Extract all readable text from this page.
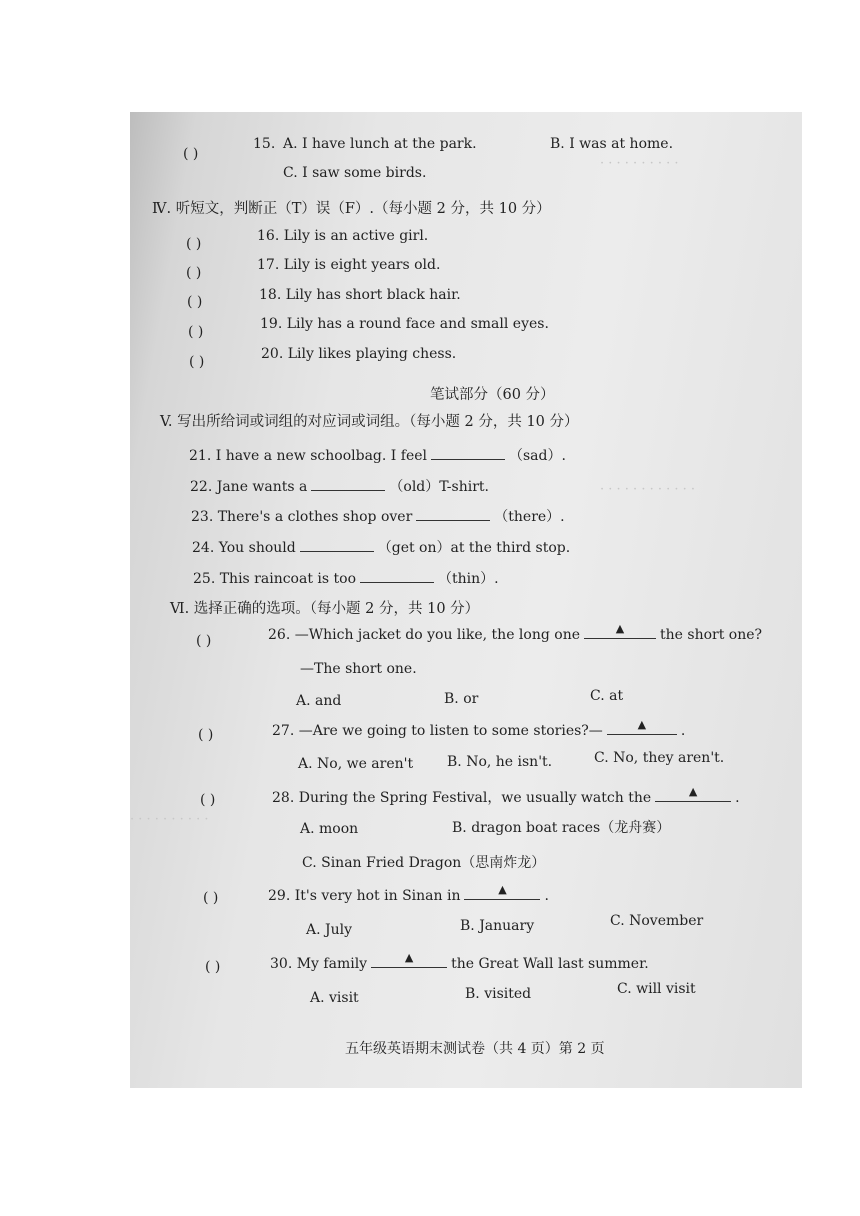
· · · · · · · · · ·
· · · · · · · · · · · ·
· · · · · · · · · ·
( )
15. A. I have lunch at the park.	B. I was at home.
C. I saw some birds.
Ⅳ. 听短文，判断正（T）误（F）.（每小题 2 分，共 10 分）
( )	16. Lily is an active girl.
( )	17. Lily is eight years old.
( )	18. Lily has short black hair.
( )	19. Lily has a round face and small eyes.
( )	20. Lily likes playing chess.
笔试部分（60 分）
V. 写出所给词或词组的对应词或词组。（每小题 2 分，共 10 分）
21. I have a new schoolbag. I feel	（sad）.
22. Jane wants a	（old）T-shirt.
23. There's a clothes shop over	（there）.
24. You should	（get on）at the third stop.
25. This raincoat is too	（thin）.
Ⅵ. 选择正确的选项。（每小题 2 分，共 10 分）
( )	26. —Which jacket do you like, the long one	▲	the short one?
—The short one.
A. and	B. or	C. at
( )	27. —Are we going to listen to some stories?—	▲ .
A. No, we aren't B. No, he isn't.	C. No, they aren't.
( )	28. During the Spring Festival，we usually watch the	▲	.
A. moon	B. dragon boat races（龙舟赛）
C. Sinan Fried Dragon（思南炸龙）
( )	29. It's very hot in Sinan in	▲	.
A. July	B. January	C. November
( )	30. My family	▲	the Great Wall last summer.
A. visit	B. visited	C. will visit
五年级英语期末测试卷（共 4 页）第 2 页
